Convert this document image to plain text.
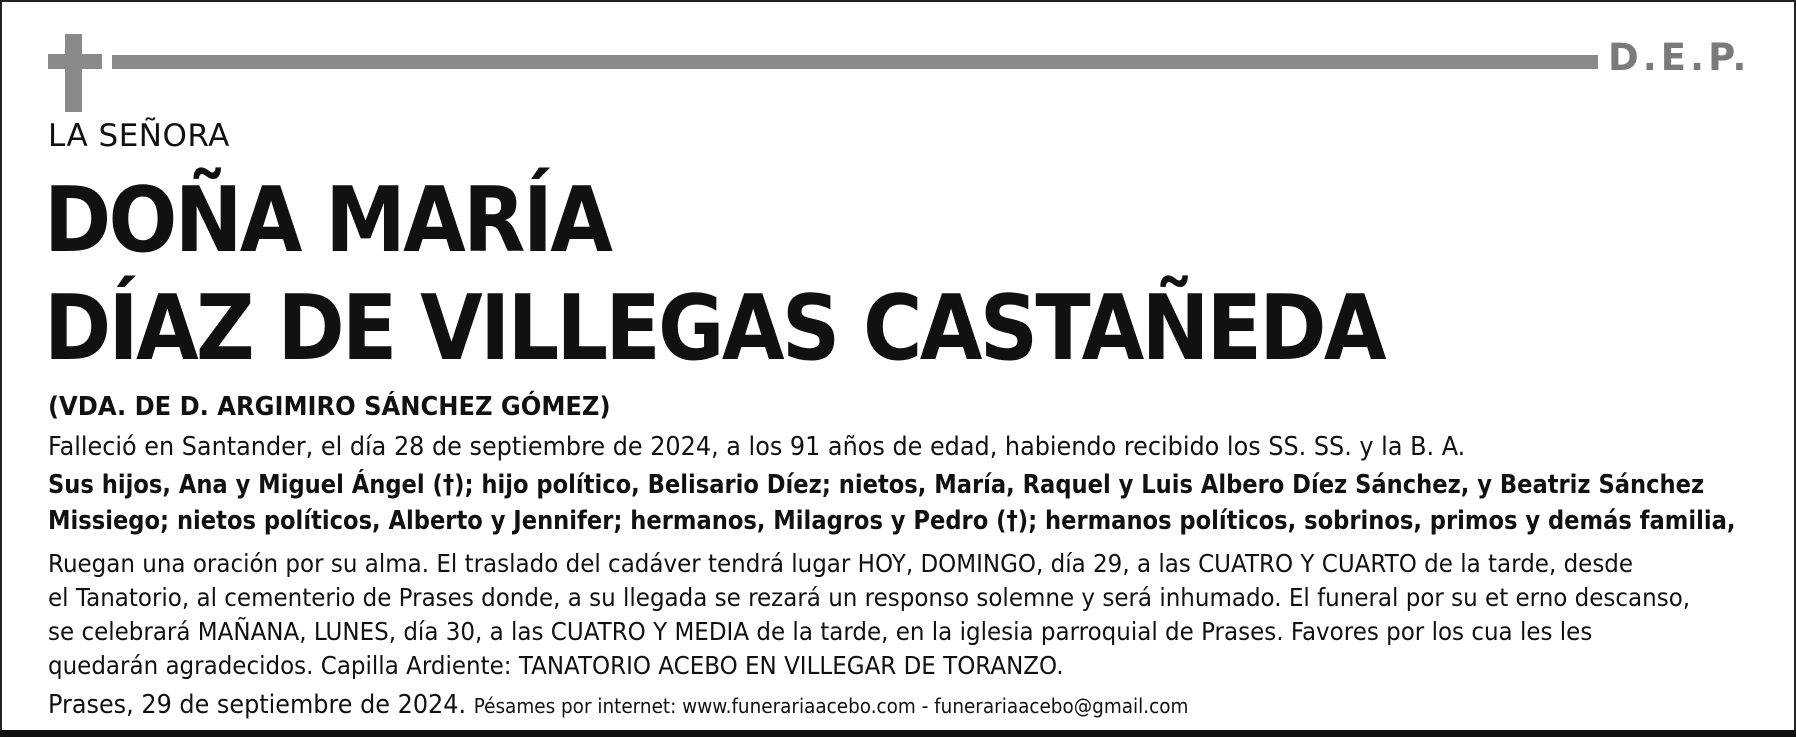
D.E.P.
LA SEÑORA
DOÑA MARÍA
DÍAZ DE VILLEGAS CASTAÑEDA
(VDA. DE D. ARGIMIRO SÁNCHEZ GÓMEZ)
Falleció en Santander, el día 28 de septiembre de 2024, a los 91 años de edad, habiendo recibido los SS. SS. y la B. A.
Sus hijos, Ana y Miguel Ángel (†); hijo político, Belisario Díez; nietos, María, Raquel y Luis Albero Díez Sánchez, y Beatriz Sánchez
Missiego; nietos políticos, Alberto y Jennifer; hermanos, Milagros y Pedro (†); hermanos políticos, sobrinos, primos y demás familia,
Ruegan una oración por su alma. El traslado del cadáver tendrá lugar HOY, DOMINGO, día 29, a las CUATRO Y CUARTO de la tarde, desde
el Tanatorio, al cementerio de Prases donde, a su llegada se rezará un responso solemne y será inhumado. El funeral por su et erno descanso,
se celebrará MAÑANA, LUNES, día 30, a las CUATRO Y MEDIA de la tarde, en la iglesia parroquial de Prases. Favores por los cua les les
quedarán agradecidos. Capilla Ardiente: TANATORIO ACEBO EN VILLEGAR DE TORANZO.
Prases, 29 de septiembre de 2024. Pésames por internet: www.funerariaacebo.com - funerariaacebo@gmail.com
